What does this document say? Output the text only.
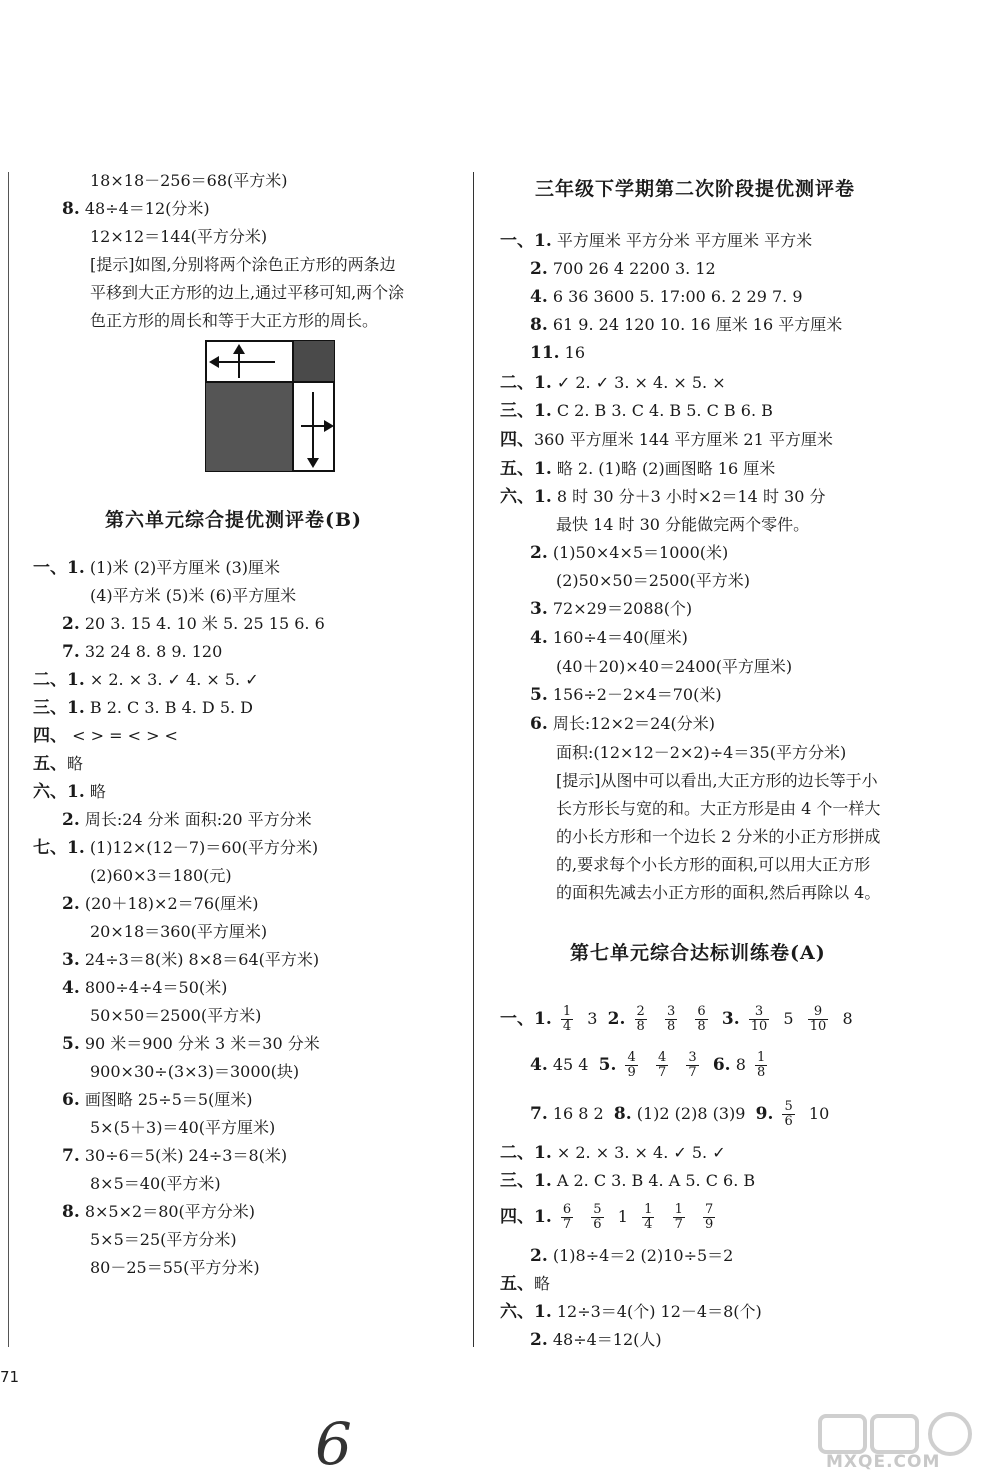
18×18－256＝68(平方米)
8. 48÷4＝12(分米)
12×12＝144(平方分米)
[提示]如图,分别将两个涂色正方形的两条边
平移到大正方形的边上,通过平移可知,两个涂
色正方形的周长和等于大正方形的周长。
第六单元综合提优测评卷(B)
一、1. (1)米 (2)平方厘米 (3)厘米
(4)平方米 (5)米 (6)平方厘米
2. 20 3. 15 4. 10 米 5. 25 15 6. 6
7. 32 24 8. 8 9. 120
二、1. × 2. × 3. ✓ 4. × 5. ✓
三、1. B 2. C 3. B 4. D 5. D
四、 < > = < > <
五、略
六、1. 略
2. 周长:24 分米 面积:20 平方分米
七、1. (1)12×(12－7)＝60(平方分米)
(2)60×3＝180(元)
2. (20＋18)×2＝76(厘米)
20×18＝360(平方厘米)
3. 24÷3＝8(米) 8×8＝64(平方米)
4. 800÷4÷4＝50(米)
50×50＝2500(平方米)
5. 90 米＝900 分米 3 米＝30 分米
900×30÷(3×3)＝3000(块)
6. 画图略 25÷5＝5(厘米)
5×(5＋3)＝40(平方厘米)
7. 30÷6＝5(米) 24÷3＝8(米)
8×5＝40(平方米)
8. 8×5×2＝80(平方分米)
5×5＝25(平方分米)
80－25＝55(平方分米)
三年级下学期第二次阶段提优测评卷
一、1. 平方厘米 平方分米 平方厘米 平方米
2. 700 26 4 2200 3. 12
4. 6 36 3600 5. 17:00 6. 2 29 7. 9
8. 61 9. 24 120 10. 16 厘米 16 平方厘米
11. 16
二、1. ✓ 2. ✓ 3. × 4. × 5. ×
三、1. C 2. B 3. C 4. B 5. C B 6. B
四、360 平方厘米 144 平方厘米 21 平方厘米
五、1. 略 2. (1)略 (2)画图略 16 厘米
六、1. 8 时 30 分＋3 小时×2＝14 时 30 分
最快 14 时 30 分能做完两个零件。
2. (1)50×4×5＝1000(米)
(2)50×50＝2500(平方米)
3. 72×29＝2088(个)
4. 160÷4＝40(厘米)
(40＋20)×40＝2400(平方厘米)
5. 156÷2－2×4＝70(米)
6. 周长:12×2＝24(分米)
面积:(12×12－2×2)÷4＝35(平方分米)
[提示]从图中可以看出,大正方形的边长等于小
长方形长与宽的和。大正方形是由 4 个一样大
的小长方形和一个边长 2 分米的小正方形拼成
的,要求每个小长方形的面积,可以用大正方形
的面积先减去小正方形的面积,然后再除以 4。
第七单元综合达标训练卷(A)
一、1. $\frac{1}{4} 3$ 2. $\frac{2}{8}$
$\frac{3}{8}$
$\frac{6}{8} 3$. $\frac{3}{10} 5 \frac{9}{10} 8$
4. 45 4 5. $\frac{4}{9}$
$\frac{4}{7}$
$\frac{3}{7} 6$. $8 \frac{1}{8}$
7. 16 8 2 8. (1)2 (2)8 (3)9 9. $\frac{5}{6} 10$
二、1. × 2. × 3. × 4. ✓ 5. ✓
三、1. A 2. C 3. B 4. A 5. C 6. B
四、1. $\frac{6}{7}$
$\frac{5}{6} 1 \frac{1}{4}$
$\frac{1}{7}$
$\frac{7}{9}$
2. (1)8÷4＝2 (2)10÷5＝2
五、略
六、1. 12÷3＝4(个) 12－4＝8(个)
2. 48÷4＝12(人)
71
6	MXQE.COM
